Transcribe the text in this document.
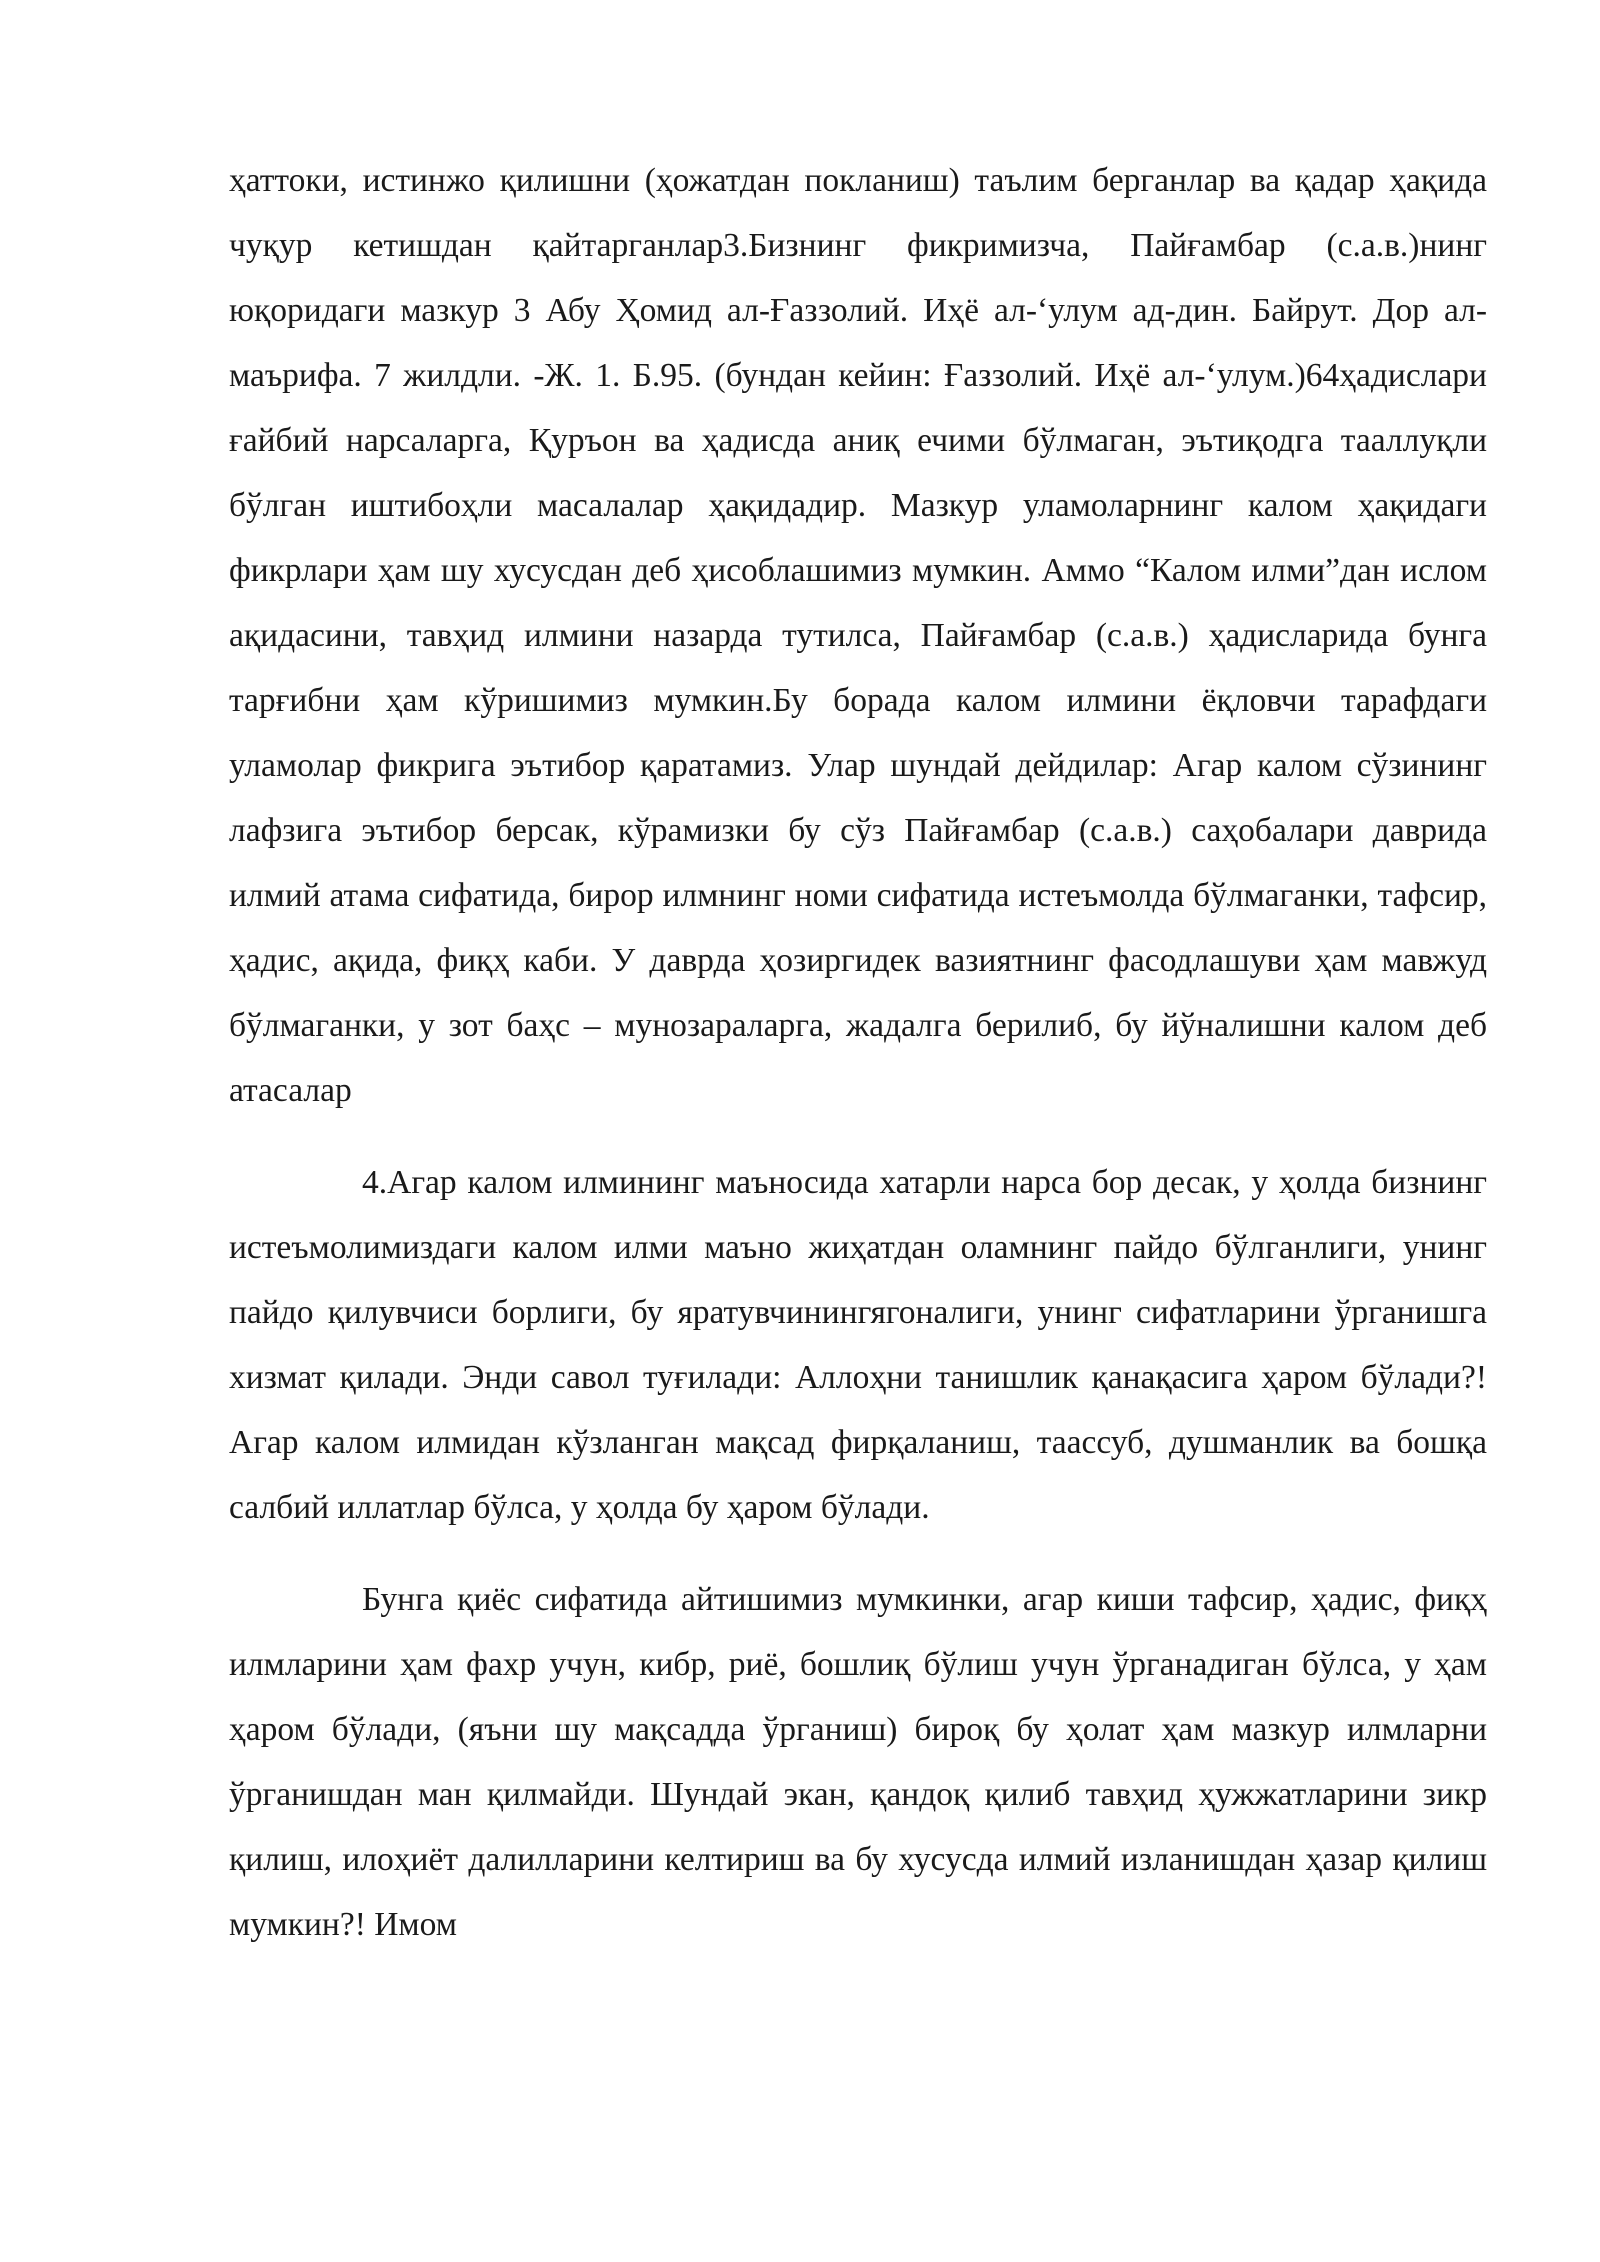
ҳаттоки, истинжо қилишни (ҳожатдан покланиш) таълим берганлар ва қадар ҳақида чуқур кетишдан қайтарганлар3.Бизнинг фикримизча, Пайғамбар (с.а.в.)нинг юқоридаги мазкур 3 Абу Ҳомид ал-Ғаззолий. Иҳё ал-‘улум ад-дин. Байрут. Дор ал-маърифа. 7 жилдли. -Ж. 1. Б.95. (бундан кейин: Ғаззолий. Иҳё ал-‘улум.)64ҳадислари ғайбий нарсаларга, Қуръон ва ҳадисда аниқ ечими бўлмаган, эътиқодга тааллуқли бўлган иштибоҳли масалалар ҳақидадир. Мазкур уламоларнинг калом ҳақидаги фикрлари ҳам шу хусусдан деб ҳисоблашимиз мумкин. Аммо “Калом илми”дан ислом ақидасини, тавҳид илмини назарда тутилса, Пайғамбар (с.а.в.) ҳадисларида бунга тарғибни ҳам кўришимиз мумкин.Бу борада калом илмини ёқловчи тарафдаги уламолар фикрига эътибор қаратамиз. Улар шундай дейдилар: Агар калом сўзининг лафзига эътибор берсак, кўрамизки бу сўз Пайғамбар (с.а.в.) саҳобалари даврида илмий атама сифатида, бирор илмнинг номи сифатида истеъмолда бўлмаганки, тафсир, ҳадис, ақида, фиқҳ каби. У даврда ҳозиргидек вазиятнинг фасодлашуви ҳам мавжуд бўлмаганки, у зот баҳс – мунозараларга, жадалга берилиб, бу йўналишни калом деб атасалар

4.Агар калом илмининг маъносида хатарли нарса бор десак, у ҳолда бизнинг истеъмолимиздаги калом илми маъно жиҳатдан оламнинг пайдо бўлганлиги, унинг пайдо қилувчиси борлиги, бу яратувчинингягоналиги, унинг сифатларини ўрганишга хизмат қилади. Энди савол туғилади: Аллоҳни танишлик қанақасига ҳаром бўлади?!Агар калом илмидан кўзланган мақсад фирқаланиш, таассуб, душманлик ва бошқа салбий иллатлар бўлса, у ҳолда бу ҳаром бўлади.

Бунга қиёс сифатида айтишимиз мумкинки, агар киши тафсир, ҳадис, фиқҳ илмларини ҳам фахр учун, кибр, риё, бошлиқ бўлиш учун ўрганадиган бўлса, у ҳам ҳаром бўлади, (яъни шу мақсадда ўрганиш) бироқ бу ҳолат ҳам мазкур илмларни ўрганишдан ман қилмайди. Шундай экан, қандоқ қилиб тавҳид ҳужжатларини зикр қилиш, илоҳиёт далилларини келтириш ва бу хусусда илмий изланишдан ҳазар қилиш мумкин?! Имом
